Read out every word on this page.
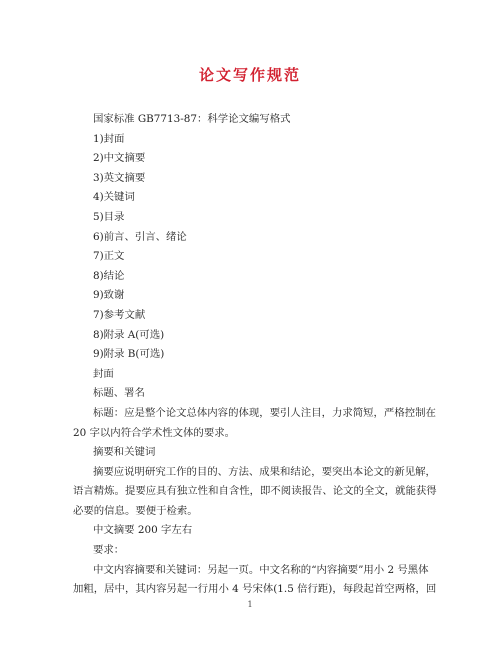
论文写作规范
国家标准 GB7713-87：科学论文编写格式
1)封面
2)中文摘要
3)英文摘要
4)关键词
5)目录
6)前言、引言、绪论
7)正文
8)结论
9)致谢
7)参考文献
8)附录 A(可选)
9)附录 B(可选)
封面
标题、署名
标题：应是整个论文总体内容的体现，要引人注目，力求简短，严格控制在
20 字以内符合学术性文体的要求。
摘要和关键词
摘要应说明研究工作的目的、方法、成果和结论，要突出本论文的新见解，
语言精炼。提要应具有独立性和自含性，即不阅读报告、论文的全文，就能获得
必要的信息。要便于检索。
中文摘要 200 字左右
要求：
中文内容摘要和关键词：另起一页。中文名称的“内容摘要”用小 2 号黑体
加粗，居中，其内容另起一行用小 4 号宋体(1.5 倍行距)，每段起首空两格，回
1
